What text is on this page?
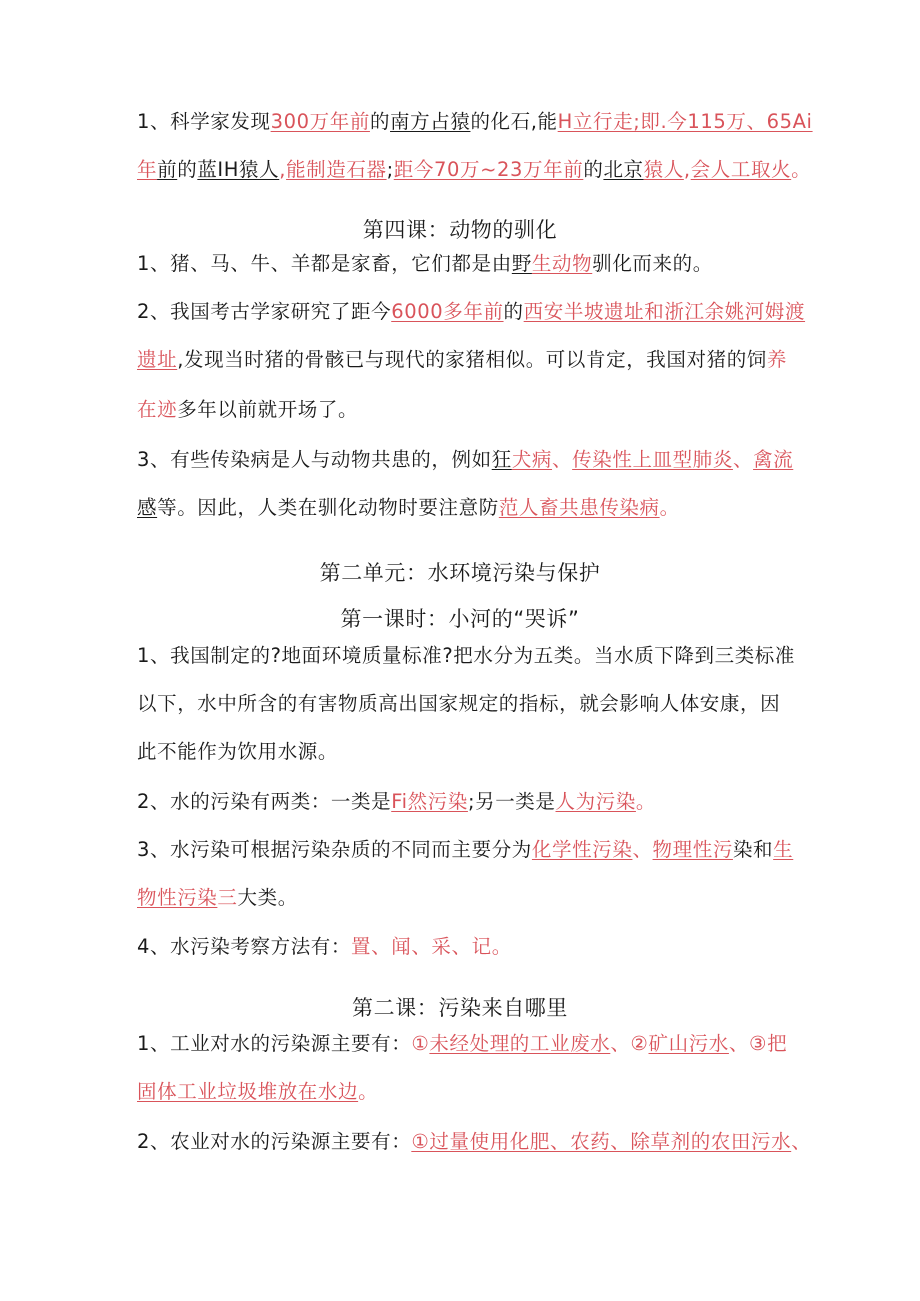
1、科学家发现300万年前的南方占猿的化石,能H立行走;即.今115万、65Ai
年前的蓝IH猿人,能制造石器;距今70万~23万年前的北京猿人,会人工取火。
第四课：动物的驯化
1、猪、马、牛、羊都是家畜，它们都是由野生动物驯化而来的。
2、我国考古学家研究了距今6000多年前的西安半坡遗址和浙江余姚河姆渡
遗址,发现当时猪的骨骸已与现代的家猪相似。可以肯定，我国对猪的饲养
在迹多年以前就开场了。
3、有些传染病是人与动物共患的，例如狂犬病、传染性上皿型肺炎、禽流
感等。因此，人类在驯化动物时要注意防范人畜共患传染病。
第二单元：水环境污染与保护
第一课时：小河的“哭诉”
1、我国制定的?地面环境质量标准?把水分为五类。当水质下降到三类标准
以下，水中所含的有害物质高出国家规定的指标，就会影响人体安康，因
此不能作为饮用水源。
2、水的污染有两类：一类是Fi然污染;另一类是人为污染。
3、水污染可根据污染杂质的不同而主要分为化学性污染、物理性污染和生
物性污染三大类。
4、水污染考察方法有：置、闻、采、记。
第二课：污染来自哪里
1、工业对水的污染源主要有：①未经处理的工业废水、②矿山污水、③把
固体工业垃圾堆放在水边。
2、农业对水的污染源主要有：①过量使用化肥、农药、除草剂的农田污水、
